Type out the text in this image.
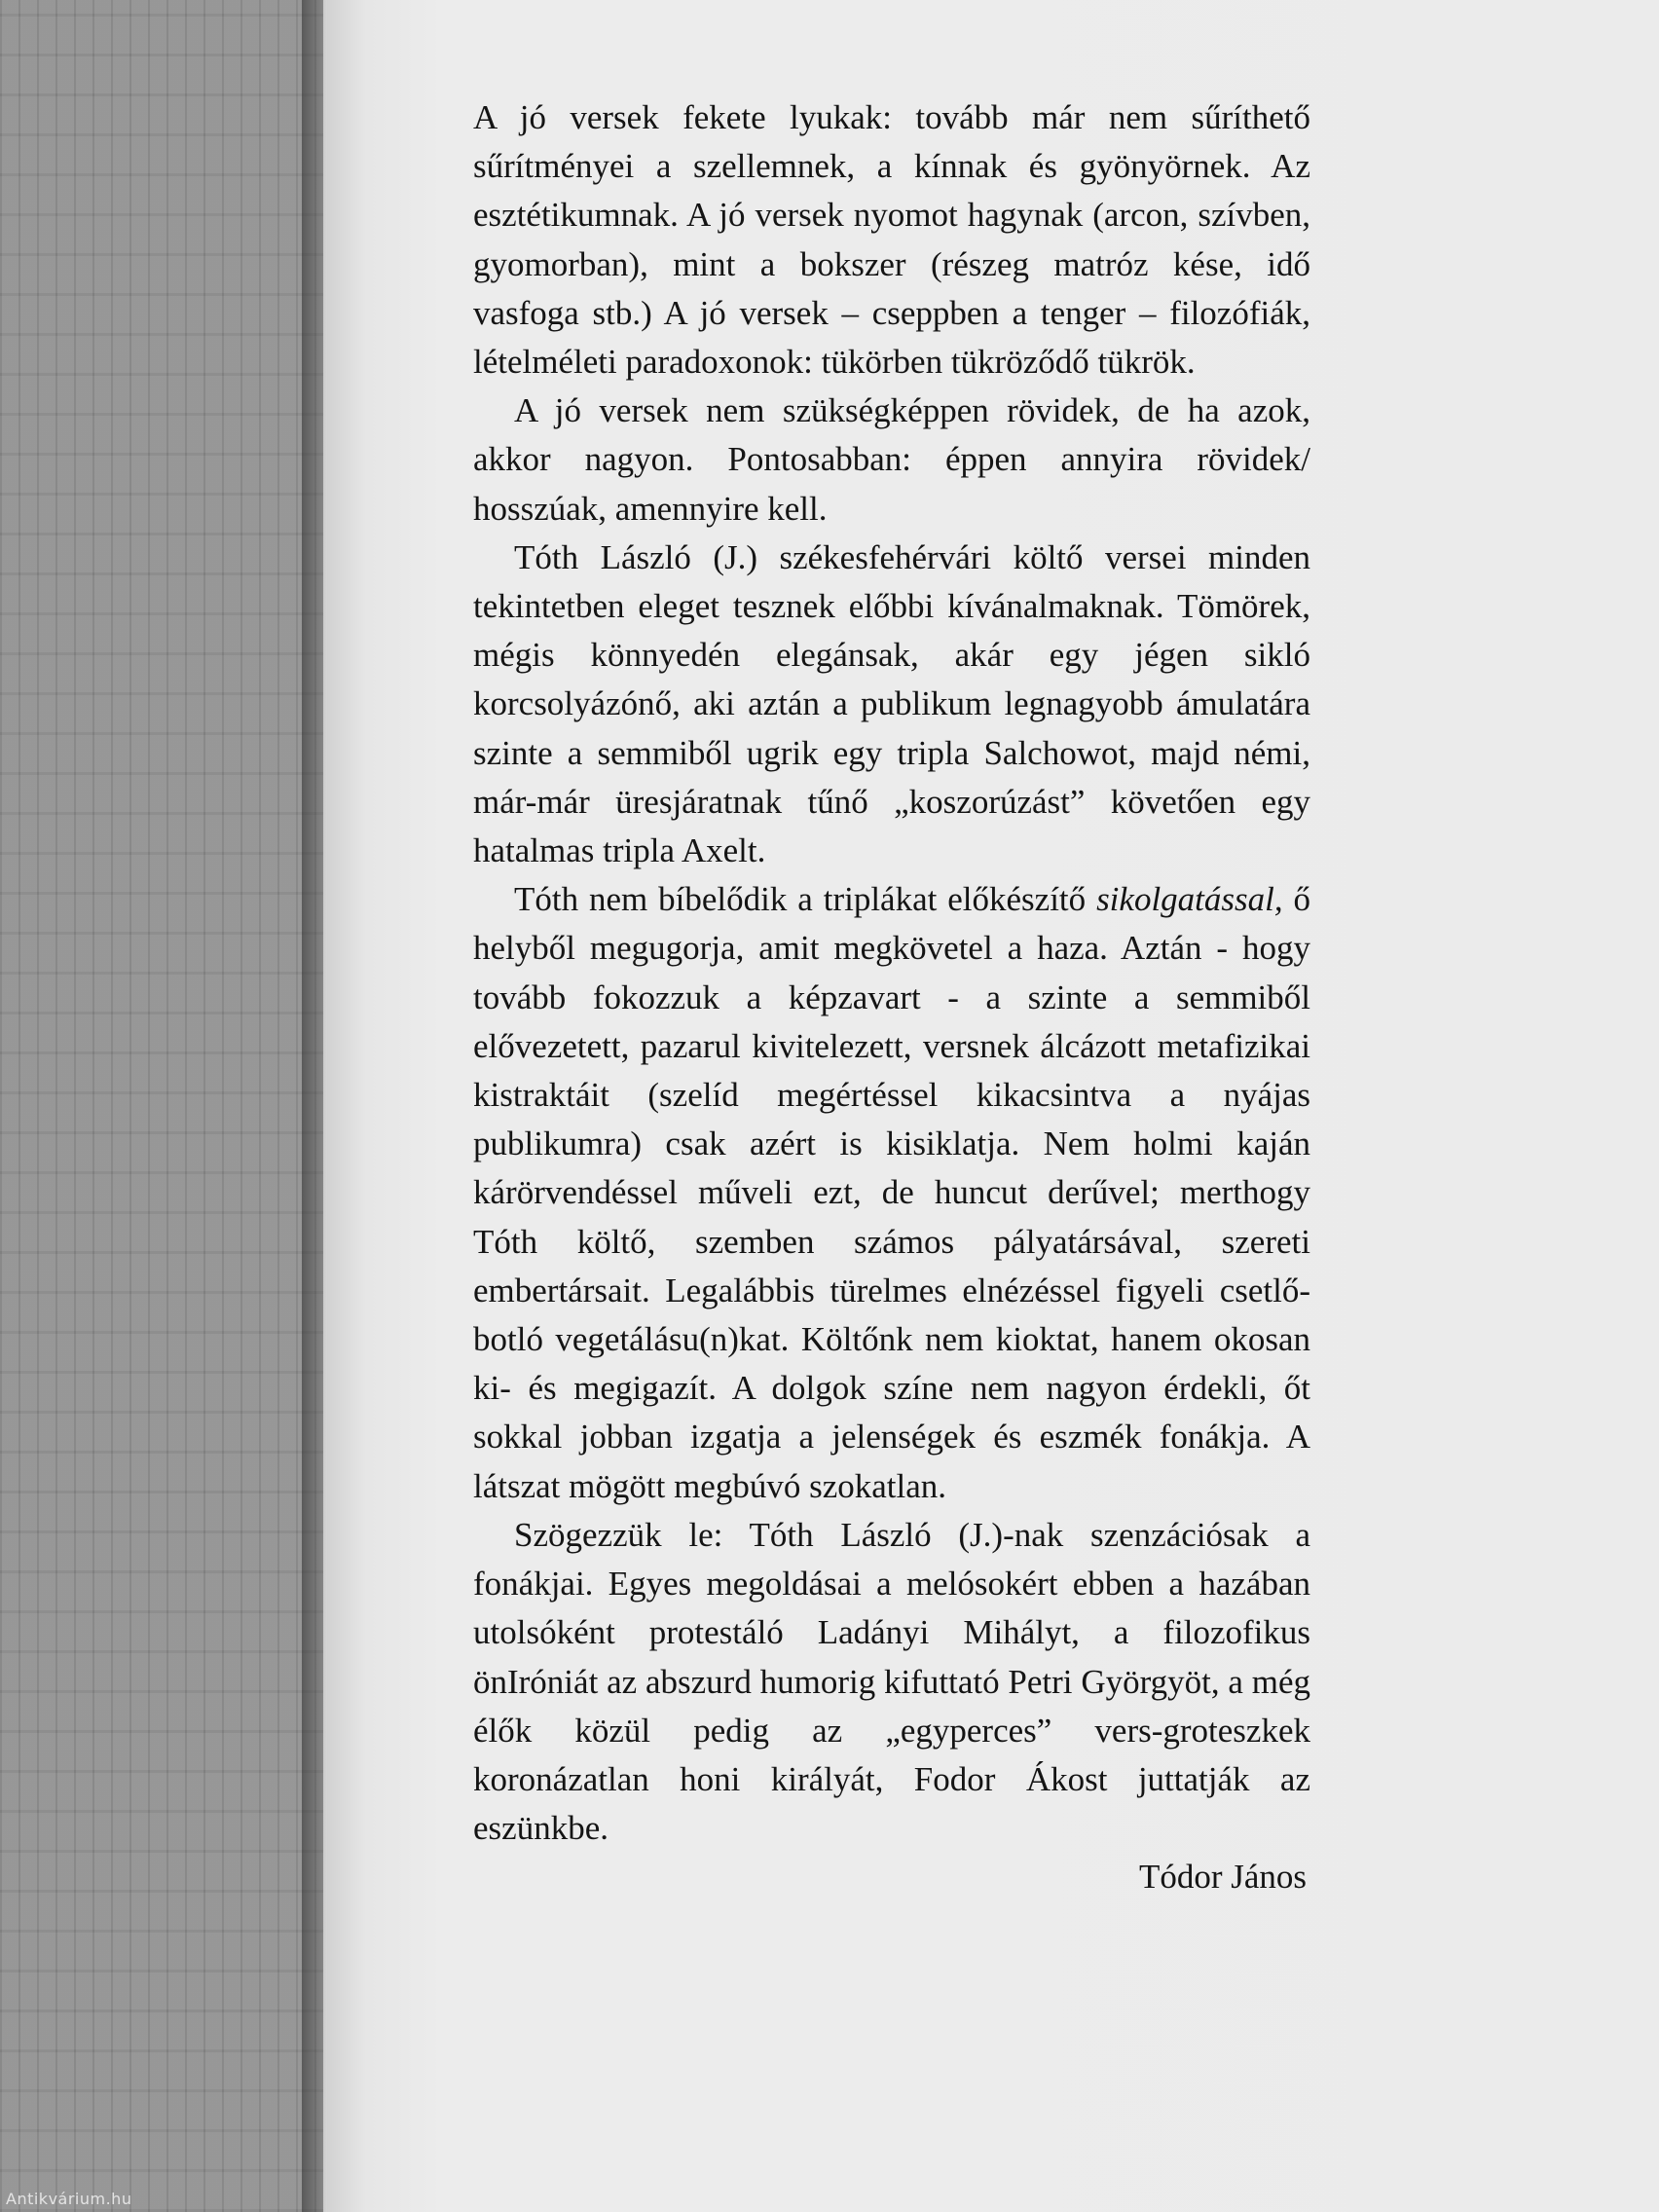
A jó versek fekete lyukak: tovább már nem sűríthető sűrítményei a szellemnek, a kínnak és gyönyörnek. Az esztétikumnak. A jó versek nyomot hagynak (arcon, szívben, gyomorban), mint a bokszer (részeg matróz kése, idő vasfoga stb.) A jó versek – cseppben a tenger – filozófiák, lételméleti paradoxonok: tükörben tükröződő tükrök.

A jó versek nem szükségképpen rövidek, de ha azok, akkor nagyon. Pontosabban: éppen annyira rövidek/ hosszúak, amennyire kell.

Tóth László (J.) székesfehérvári költő versei minden tekintetben eleget tesznek előbbi kívánalmaknak. Tömörek, mégis könnyedén elegánsak, akár egy jégen sikló korcsolyázónő, aki aztán a publikum legnagyobb ámulatára szinte a semmiből ugrik egy tripla Salchowot, majd némi, már-már üresjáratnak tűnő „koszorúzást” követően egy hatalmas tripla Axelt.

Tóth nem bíbelődik a triplákat előkészítő sikolgatással, ő helyből megugorja, amit megkövetel a haza. Aztán - hogy tovább fokozzuk a képzavart - a szinte a semmiből elővezetett, pazarul kivitelezett, versnek álcázott metafizikai kistraktáit (szelíd megértéssel kikacsintva a nyájas publikumra) csak azért is kisiklatja. Nem holmi kaján kárörvendéssel műveli ezt, de huncut derűvel; merthogy Tóth költő, szemben számos pályatársával, szereti embertársait. Legalábbis türelmes elnézéssel figyeli csetlő-botló vegetálásu(n)kat. Költőnk nem kioktat, hanem okosan ki- és megigazít. A dolgok színe nem nagyon érdekli, őt sokkal jobban izgatja a jelenségek és eszmék fonákja. A látszat mögött megbúvó szokatlan.

Szögezzük le: Tóth László (J.)-nak szenzációsak a fonákjai. Egyes megoldásai a melósokért ebben a hazában utolsóként protestáló Ladányi Mihályt, a filozofikus önIróniát az abszurd humorig kifuttató Petri Györgyöt, a még élők közül pedig az „egyperces” vers-groteszkek koronázatlan honi királyát, Fodor Ákost juttatják az eszünkbe.

Tódor János

Antikvárium.hu
